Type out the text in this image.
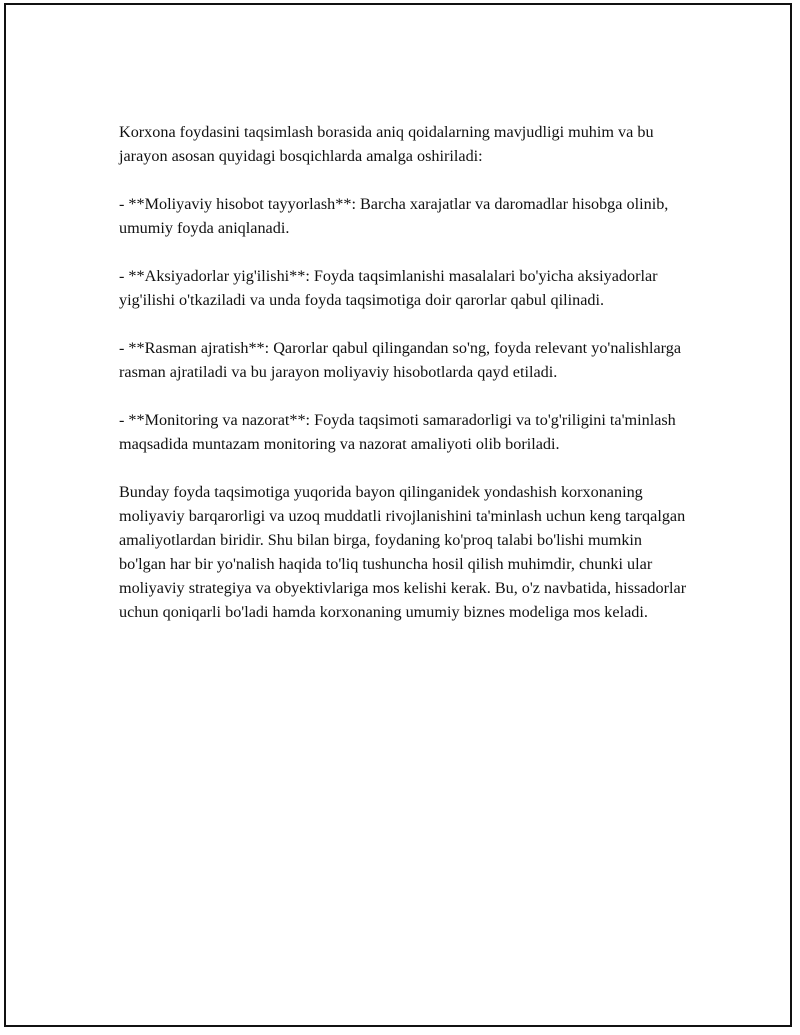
Korxona foydasini taqsimlash borasida aniq qoidalarning mavjudligi muhim va bu jarayon asosan quyidagi bosqichlarda amalga oshiriladi:

- **Moliyaviy hisobot tayyorlash**: Barcha xarajatlar va daromadlar hisobga olinib, umumiy foyda aniqlanadi.

- **Aksiyadorlar yig'ilishi**: Foyda taqsimlanishi masalalari bo'yicha aksiyadorlar yig'ilishi o'tkaziladi va unda foyda taqsimotiga doir qarorlar qabul qilinadi.

- **Rasman ajratish**: Qarorlar qabul qilingandan so'ng, foyda relevant yo'nalishlarga rasman ajratiladi va bu jarayon moliyaviy hisobotlarda qayd etiladi.

- **Monitoring va nazorat**: Foyda taqsimoti samaradorligi va to'g'riligini ta'minlash maqsadida muntazam monitoring va nazorat amaliyoti olib boriladi.

Bunday foyda taqsimotiga yuqorida bayon qilinganidek yondashish korxonaning moliyaviy barqarorligi va uzoq muddatli rivojlanishini ta'minlash uchun keng tarqalgan amaliyotlardan biridir. Shu bilan birga, foydaning ko'proq talabi bo'lishi mumkin bo'lgan har bir yo'nalish haqida to'liq tushuncha hosil qilish muhimdir, chunki ular moliyaviy strategiya va obyektivlariga mos kelishi kerak. Bu, o'z navbatida, hissadorlar uchun qoniqarli bo'ladi hamda korxonaning umumiy biznes modeliga mos keladi.
